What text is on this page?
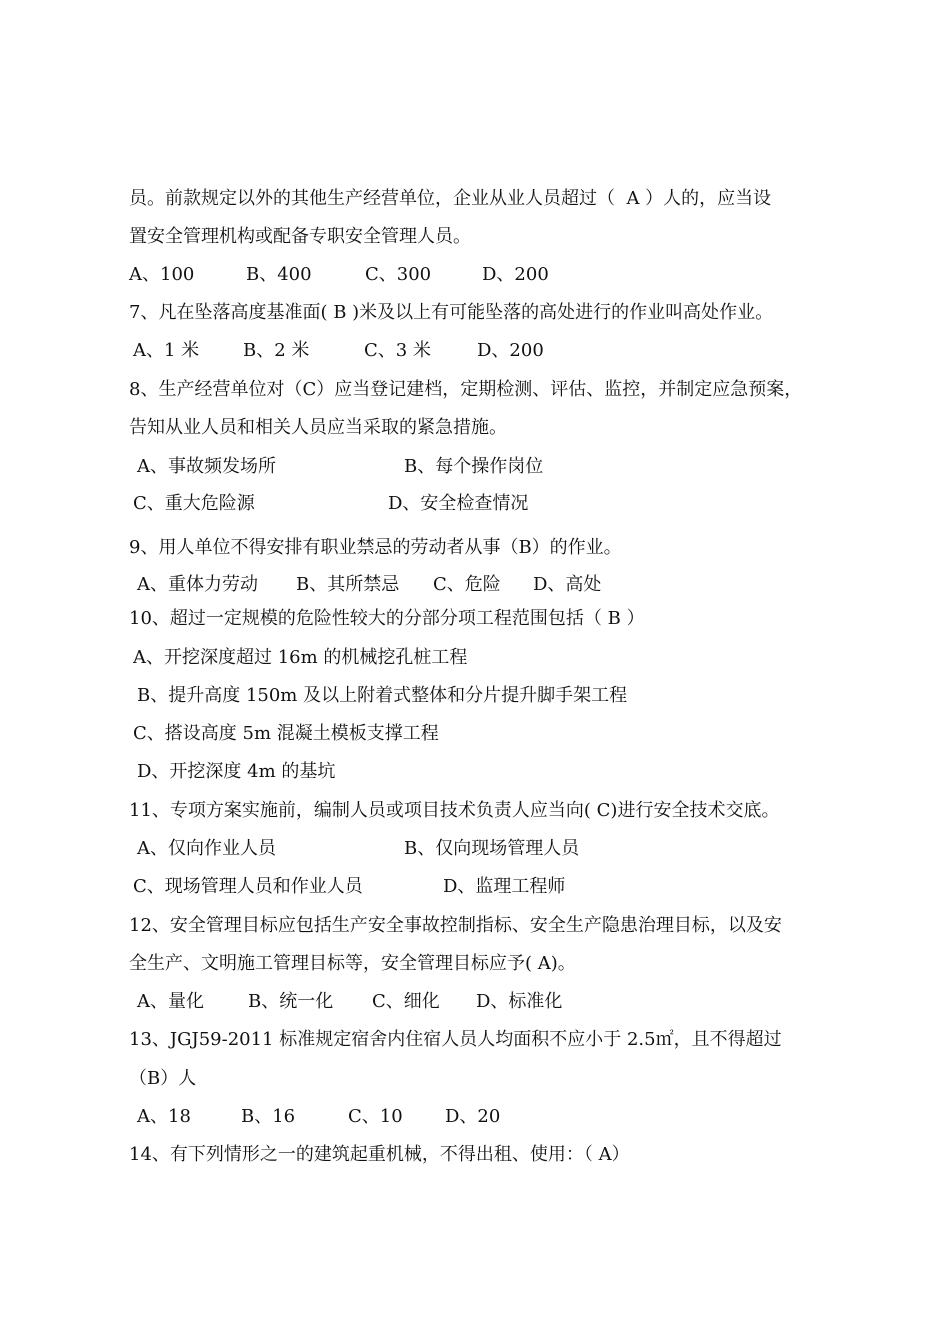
员。前款规定以外的其他生产经营单位，企业从业人员超过（  A ）人的，应当设
置安全管理机构或配备专职安全管理人员。
A、100	B、400	C、300	D、200
7、凡在坠落高度基准面( B )米及以上有可能坠落的高处进行的作业叫高处作业。
A、1 米 B、2 米	C、3 米	D、200
8、生产经营单位对（C）应当登记建档，定期检测、评估、监控，并制定应急预案，
告知从业人员和相关人员应当采取的紧急措施。
A、事故频发场所	B、每个操作岗位
C、重大危险源	D、安全检查情况
9、用人单位不得安排有职业禁忌的劳动者从事（B）的作业。
A、重体力劳动 B、其所禁忌 C、危险 D、高处
10、超过一定规模的危险性较大的分部分项工程范围包括（ B ）
A、开挖深度超过 16m 的机械挖孔桩工程
B、提升高度 150m 及以上附着式整体和分片提升脚手架工程
C、搭设高度 5m 混凝土模板支撑工程
D、开挖深度 4m 的基坑
11、专项方案实施前，编制人员或项目技术负责人应当向( C)进行安全技术交底。
A、仅向作业人员	B、仅向现场管理人员
C、现场管理人员和作业人员	D、监理工程师
12、安全管理目标应包括生产安全事故控制指标、安全生产隐患治理目标，以及安
全生产、文明施工管理目标等，安全管理目标应予( A)。
A、量化 B、统一化 C、细化 D、标准化
13、JGJ59-2011 标准规定宿舍内住宿人员人均面积不应小于 2.5㎡，且不得超过
（B）人
A、18	B、16	C、10 D、20
14、有下列情形之一的建筑起重机械，不得出租、使用：（ A）
